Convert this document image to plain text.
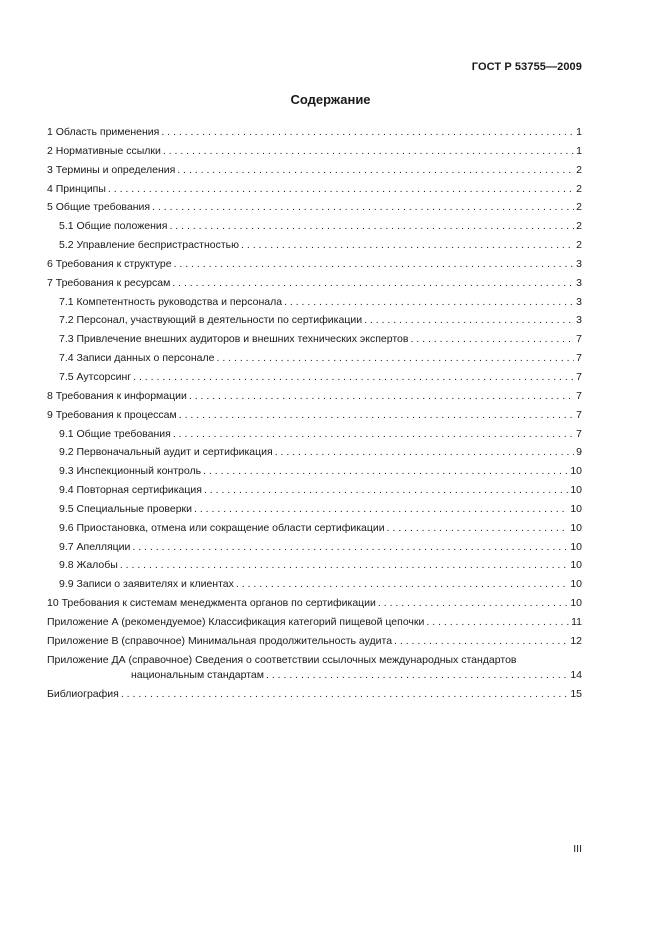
ГОСТ Р 53755—2009
Содержание
1 Область применения . . .	1
2 Нормативные ссылки . . .	1
3 Термины и определения . . .	2
4 Принципы . . .	2
5 Общие требования . . .	2
5.1 Общие положения . . .	2
5.2 Управление беспристрастностью . . .	2
6 Требования к структуре . . .	3
7 Требования к ресурсам . . .	3
7.1 Компетентность руководства и персонала . . .	3
7.2 Персонал, участвующий в деятельности по сертификации . . .	3
7.3 Привлечение внешних аудиторов и внешних технических экспертов . . .	7
7.4 Записи данных о персонале . . .	7
7.5 Аутсорсинг . . .	7
8 Требования к информации . . .	7
9 Требования к процессам . . .	7
9.1 Общие требования . . .	7
9.2 Первоначальный аудит и сертификация . . .	9
9.3 Инспекционный контроль . . .	10
9.4 Повторная сертификация . . .	10
9.5 Специальные проверки . . .	10
9.6 Приостановка, отмена или сокращение области сертификации . . .	10
9.7 Апелляции . . .	10
9.8 Жалобы . . .	10
9.9 Записи о заявителях и клиентах . . .	10
10 Требования к системам менеджмента органов по сертификации . . .	10
Приложение А (рекомендуемое) Классификация категорий пищевой цепочки . . .	11
Приложение В (справочное) Минимальная продолжительность аудита . . .	12
Приложение ДА (справочное) Сведения о соответствии ссылочных международных стандартов
национальным стандартам . . .	14
Библиография . . .	15
III
